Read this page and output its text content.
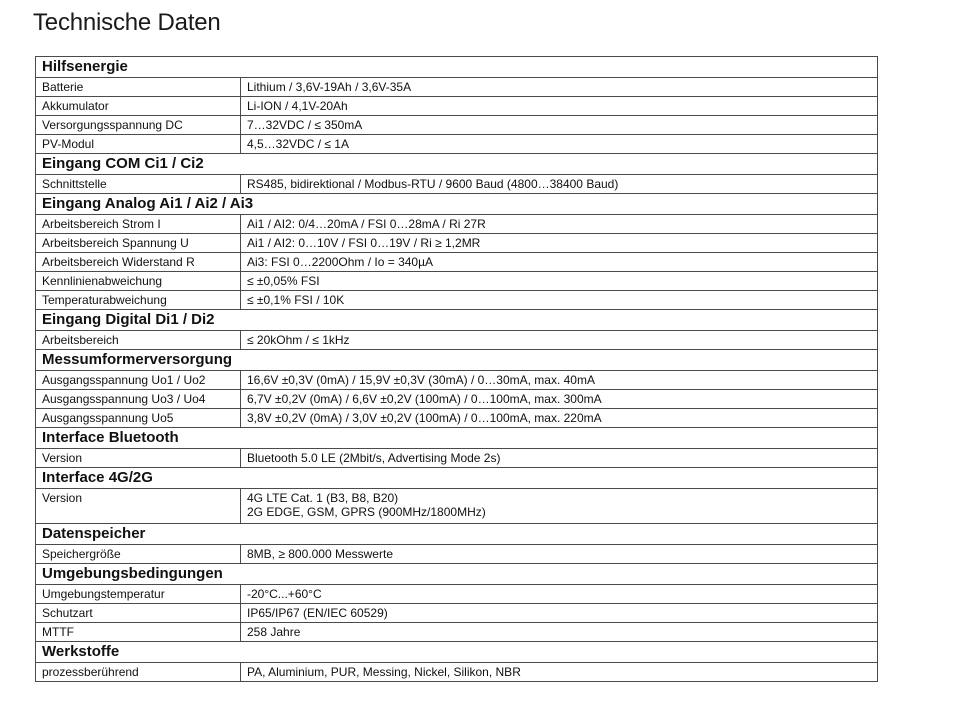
Technische Daten
Hilfsenergie	
Batterie	Lithium / 3,6V-19Ah / 3,6V-35A

Akkumulator	Li-ION / 4,1V-20Ah

Versorgungsspannung DC	7…32VDC / ≤ 350mA

PV-Modul	4,5…32VDC / ≤ 1A

Eingang COM Ci1 / Ci2	
Schnittstelle	RS485, bidirektional / Modbus-RTU / 9600 Baud (4800…38400 Baud)

Eingang Analog Ai1 / Ai2 / Ai3	
Arbeitsbereich Strom I	Ai1 / AI2: 0/4…20mA / FSI 0…28mA / Ri 27R

Arbeitsbereich Spannung U	Ai1 / AI2: 0…10V / FSI 0…19V / Ri ≥ 1,2MR

Arbeitsbereich Widerstand R	Ai3: FSI 0…2200Ohm / Io = 340µA

Kennlinienabweichung	≤ ±0,05% FSI

Temperaturabweichung	≤ ±0,1% FSI / 10K

Eingang Digital Di1 / Di2	
Arbeitsbereich	≤ 20kOhm / ≤ 1kHz

Messumformerversorgung	
Ausgangsspannung Uo1 / Uo2	16,6V ±0,3V (0mA) / 15,9V ±0,3V (30mA) / 0…30mA, max. 40mA

Ausgangsspannung Uo3 / Uo4	6,7V ±0,2V (0mA) / 6,6V ±0,2V (100mA) / 0…100mA, max. 300mA

Ausgangsspannung Uo5	3,8V ±0,2V (0mA) / 3,0V ±0,2V (100mA) / 0…100mA, max. 220mA

Interface Bluetooth	
Version	Bluetooth 5.0 LE (2Mbit/s, Advertising Mode 2s)

Interface 4G/2G	
Version	4G LTE Cat. 1 (B3, B8, B20)
2G EDGE, GSM, GPRS (900MHz/1800MHz)

Datenspeicher	
Speichergröße	8MB, ≥ 800.000 Messwerte

Umgebungsbedingungen	
Umgebungstemperatur	-20°C...+60°C

Schutzart	IP65/IP67 (EN/IEC 60529)

MTTF	258 Jahre

Werkstoffe	
prozessberührend	PA, Aluminium, PUR, Messing, Nickel, Silikon, NBR
